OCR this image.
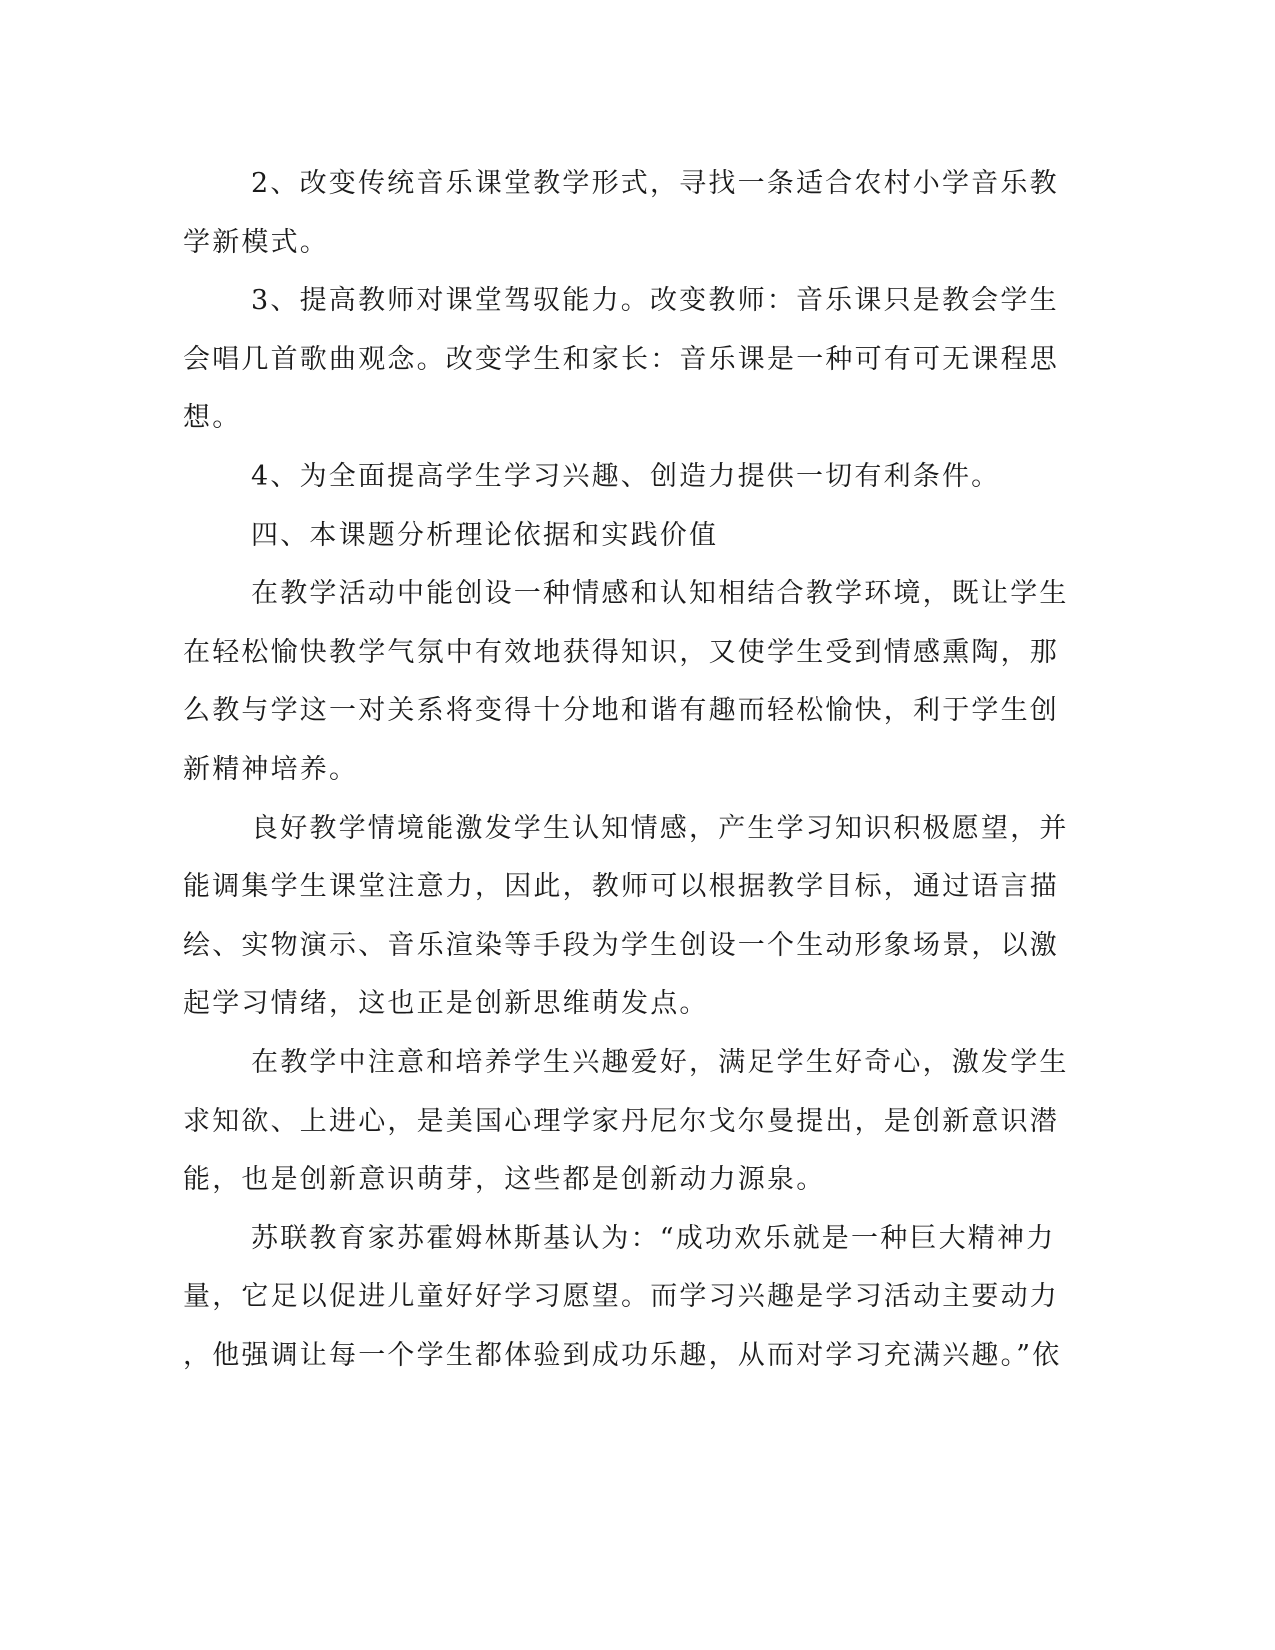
2、改变传统音乐课堂教学形式，寻找一条适合农村小学音乐教
学新模式。

3、提高教师对课堂驾驭能力。改变教师：音乐课只是教会学生
会唱几首歌曲观念。改变学生和家长：音乐课是一种可有可无课程思
想。

4、为全面提高学生学习兴趣、创造力提供一切有利条件。

四、本课题分析理论依据和实践价值

在教学活动中能创设一种情感和认知相结合教学环境，既让学生
在轻松愉快教学气氛中有效地获得知识，又使学生受到情感熏陶，那
么教与学这一对关系将变得十分地和谐有趣而轻松愉快，利于学生创
新精神培养。

良好教学情境能激发学生认知情感，产生学习知识积极愿望，并
能调集学生课堂注意力，因此，教师可以根据教学目标，通过语言描
绘、实物演示、音乐渲染等手段为学生创设一个生动形象场景，以激
起学习情绪，这也正是创新思维萌发点。

在教学中注意和培养学生兴趣爱好，满足学生好奇心，激发学生
求知欲、上进心，是美国心理学家丹尼尔戈尔曼提出，是创新意识潜
能，也是创新意识萌芽，这些都是创新动力源泉。

苏联教育家苏霍姆林斯基认为：“成功欢乐就是一种巨大精神力
量，它足以促进儿童好好学习愿望。而学习兴趣是学习活动主要动力
，他强调让每一个学生都体验到成功乐趣，从而对学习充满兴趣。”依
